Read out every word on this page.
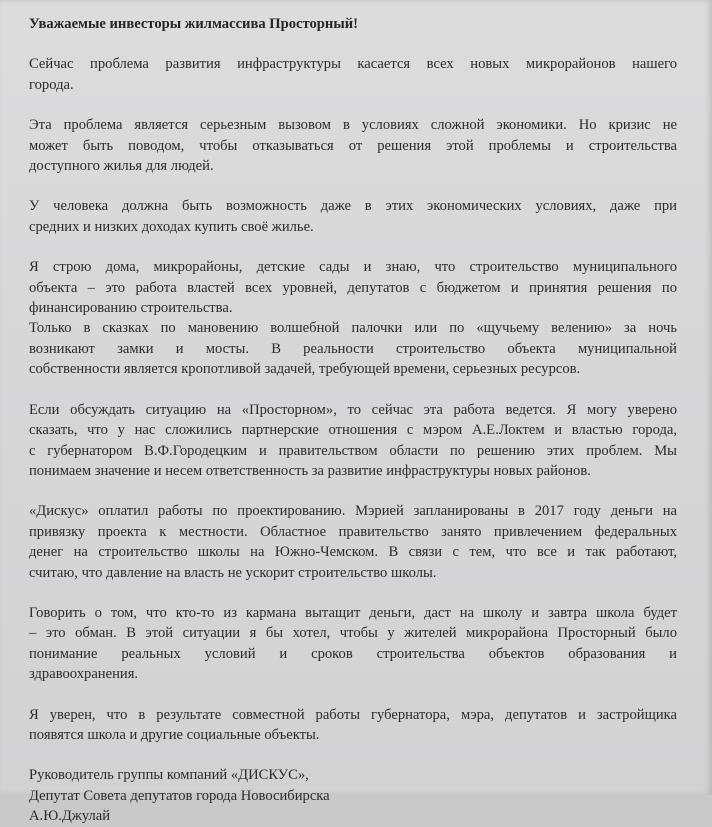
Уважаемые инвесторы жилмассива Просторный!
Сейчас проблема развития инфраструктуры касается всех новых микрорайонов нашего
города.
Эта проблема является серьезным вызовом в условиях сложной экономики. Но кризис не
может быть поводом, чтобы отказываться от решения этой проблемы и строительства
доступного жилья для людей.
У человека должна быть возможность даже в этих экономических условиях, даже при
средних и низких доходах купить своё жилье.
Я строю дома, микрорайоны, детские сады и знаю, что строительство муниципального
объекта – это работа властей всех уровней, депутатов с бюджетом и принятия решения по
финансированию строительства.
Только в сказках по мановению волшебной палочки или по «щучьему велению» за ночь
возникают замки и мосты. В реальности строительство объекта муниципальной
собственности является кропотливой задачей, требующей времени, серьезных ресурсов.
Если обсуждать ситуацию на «Просторном», то сейчас эта работа ведется. Я могу уверено
сказать, что у нас сложились партнерские отношения с мэром А.Е.Локтем и властью города,
с губернатором В.Ф.Городецким и правительством области по решению этих проблем. Мы
понимаем значение и несем ответственность за развитие инфраструктуры новых районов.
«Дискус» оплатил работы по проектированию. Мэрией запланированы в 2017 году деньги на
привязку проекта к местности. Областное правительство занято привлечением федеральных
денег на строительство школы на Южно-Чемском. В связи с тем, что все и так работают,
считаю, что давление на власть не ускорит строительство школы.
Говорить о том, что кто-то из кармана вытащит деньги, даст на школу и завтра школа будет
– это обман. В этой ситуации я бы хотел, чтобы у жителей микрорайона Просторный было
понимание реальных условий и сроков строительства объектов образования и
здравоохранения.
Я уверен, что в результате совместной работы губернатора, мэра, депутатов и застройщика
появятся школа и другие социальные объекты.
Руководитель группы компаний «ДИСКУС»,
Депутат Совета депутатов города Новосибирска
А.Ю.Джулай
